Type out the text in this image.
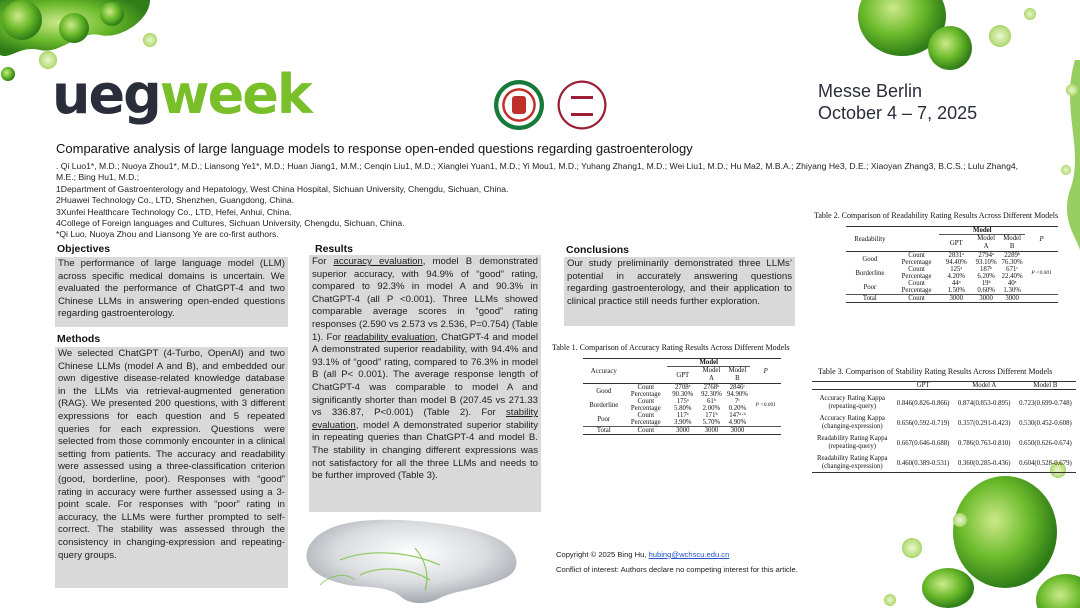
uegweek	Messe Berlin
October 4 – 7, 2025
Comparative analysis of large language models to response open-ended questions regarding gastroenterology
. Qi Luo1*, M.D.; Nuoya Zhou1*, M.D.; Liansong Ye1*, M.D.; Huan Jiang1, M.M.; Cenqin Liu1, M.D.; Xianglei Yuan1, M.D.; Yi Mou1, M.D.; Yuhang Zhang1, M.D.; Wei Liu1, M.D.; Hu Ma2, M.B.A.; Zhiyang He3, D.E.; Xiaoyan Zhang3, B.C.S.; Lulu Zhang4, M.E.; Bing Hu1, M.D.;
1Department of Gastroenterology and Hepatology, West China Hospital, Sichuan University, Chengdu, Sichuan, China.
2Huawei Technology Co., LTD, Shenzhen, Guangdong, China.
3Xunfei Healthcare Technology Co., LTD, Hefei, Anhui, China.
4College of Foreign languages and Cultures, Sichuan University, Chengdu, Sichuan, China.
*Qi Luo, Nuoya Zhou and Liansong Ye are co-first authors.
Objectives
The performance of large language model (LLM) across specific medical domains is uncertain. We evaluated the performance of ChatGPT-4 and two Chinese LLMs in answering open-ended questions regarding gastroenterology.
Methods
We selected ChatGPT (4-Turbo, OpenAI) and two Chinese LLMs (model A and B), and embedded our own digestive disease-related knowledge database in the LLMs via retrieval-augmented generation (RAG). We presented 200 questions, with 3 different expressions for each question and 5 repeated queries for each expression. Questions were selected from those commonly encounter in a clinical setting from patients. The accuracy and readability were assessed using a three-classification criterion (good, borderline, poor). Responses with “good” rating in accuracy were further assessed using a 3-point scale. For responses with “poor” rating in accuracy, the LLMs were further prompted to self-correct. The stability was assessed through the consistency in changing-expression and repeating-query groups.
Results
For accuracy evaluation, model B demonstrated superior accuracy, with 94.9% of “good” rating, compared to 92.3% in model A and 90.3% in ChatGPT-4 (all P <0.001). Three LLMs showed comparable average scores in “good” rating responses (2.590 vs 2.573 vs 2.536, P=0.754) (Table 1). For readability evaluation, ChatGPT-4 and model A demonstrated superior readability, with 94.4% and 93.1% of “good” rating, compared to 76.3% in model B (all P< 0.001). The average response length of ChatGPT-4 was comparable to model A and significantly shorter than model B (207.45 vs 271.33 vs 336.87, P<0.001) (Table 2). For stability evaluation, model A demonstrated superior stability in repeating queries than ChatGPT-4 and model B. The stability in changing different expressions was not satisfactory for all the three LLMs and needs to be further improved (Table 3).
Conclusions
Our study preliminarily demonstrated three LLMs’ potential in accurately answering questions regarding gastroenterology, and their application to clinical practice still needs further exploration.
Table 1. Comparison of Accuracy Rating Results Across Different Models
Accuracy		Model			P
		GPT	Model A	Model B	
Good	Count	2708ᵃ	2768ᵇ	2846ᶜ	P <0.001
	Percentage	90.30%	92.30%	94.90%	
Borderline	Count	175ᵃ	61ᵇ	7ᶜ	
	Percentage	5.80%	2.00%	0.20%	
Poor	Count	117ᵃ	171ᵇ	147ᵃ·ᵇ	
	Percentage	3.90%	5.70%	4.90%	
Total	Count	3000	3000	3000	
Table 2. Comparison of Readability Rating Results Across Different Models
Readability		Model			P
		GPT	Model A	Model B	
Good	Count	2831ᵃ	2794ᵃ	2289ᵇ	P <0.001
	Percentage	94.40%	93.10%	76.30%	
Borderline	Count	125ᵃ	187ᵇ	671ᶜ	
	Percentage	4.20%	6.20%	22.40%	
Poor	Count	44ᵃ	19ᵇ	40ᵃ	
	Percentage	1.50%	0.60%	1.30%	
Total	Count	3000	3000	3000	
Table 3. Comparison of Stability Rating Results Across Different Models
	GPT	Model A	Model B

Accuracy Rating Kappa
(repeating-query)	0.846(0.826-0.866)	0.874(0.853-0.895)	0.723(0.699-0.748)

Accuracy Rating Kappa
(changing-expression)	0.656(0.592-0.719)	0.357(0.291-0.423)	0.530(0.452-0.608)

Readability Rating Kappa
(repeating-query)	0.667(0.646-0.688)	0.786(0.763-0.810)	0.650(0.626-0.674)

Readability Rating Kappa
(changing-expression)	0.460(0.389-0.531)	0.360(0.285-0.436)	0.604(0.528-0.679)
Copyright © 2025 Bing Hu, hubing@wchscu.edu.cn
Conflict of interest: Authors declare no competing interest for this article.
